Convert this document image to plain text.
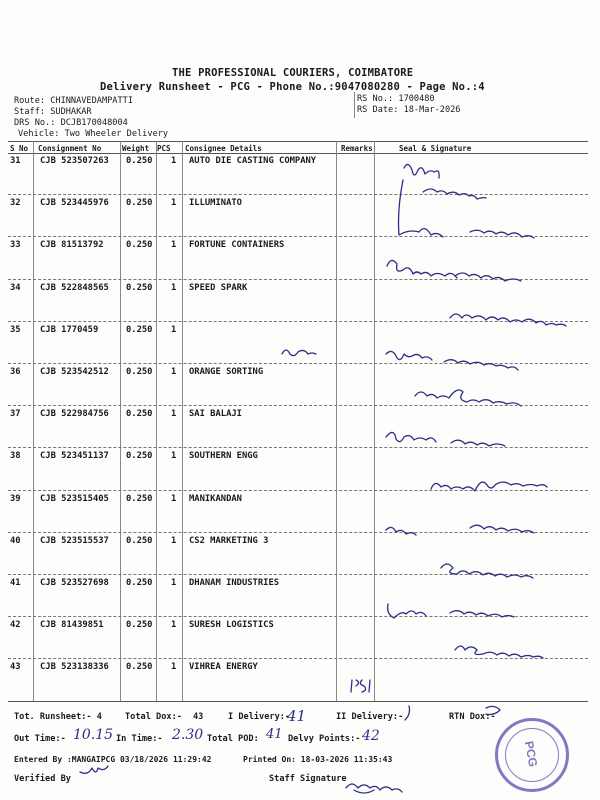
THE PROFESSIONAL COURIERS, COIMBATORE
Delivery Runsheet - PCG - Phone No.:9047080280 - Page No.:4
Route: CHINNAVEDAMPATTI
Staff: SUDHAKAR
DRS No.: DCJB170048004
Vehicle: Two Wheeler Delivery
RS No.: 1700480
RS Date: 18-Mar-2026
S No Consignment No	Weight PCS Consignee Details	Remarks	Seal & Signature
31 CJB 523507263 0.250 1 AUTO DIE CASTING COMPANY
32 CJB 523445976 0.250 1 ILLUMINATO
33 CJB 81513792	0.250 1 FORTUNE CONTAINERS
34 CJB 522848565 0.250 1 SPEED SPARK
35 CJB 1770459	0.250 1
36 CJB 523542512 0.250 1 ORANGE SORTING
37 CJB 522984756 0.250 1 SAI BALAJI
38 CJB 523451137 0.250 1 SOUTHERN ENGG
39 CJB 523515405 0.250 1 MANIKANDAN
40 CJB 523515537 0.250 1 CS2 MARKETING 3
41 CJB 523527698 0.250 1 DHANAM INDUSTRIES
42 CJB 81439851	0.250 1 SURESH LOGISTICS
43 CJB 523138336 0.250 1 VIHREA ENERGY
Tot. Runsheet:- 4	Total Dox:- 43	I Delivery:-	II Delivery:-	RTN Dox:-
Out Time:-	In Time:-	Total POD:	Delvy Points:-
Entered By :MANGAIPCG 03/18/2026 11:29:42	Printed On: 18-03-2026 11:35:43
Verified By	Staff Signature
41
10.15	2.30	41	42
PCG
